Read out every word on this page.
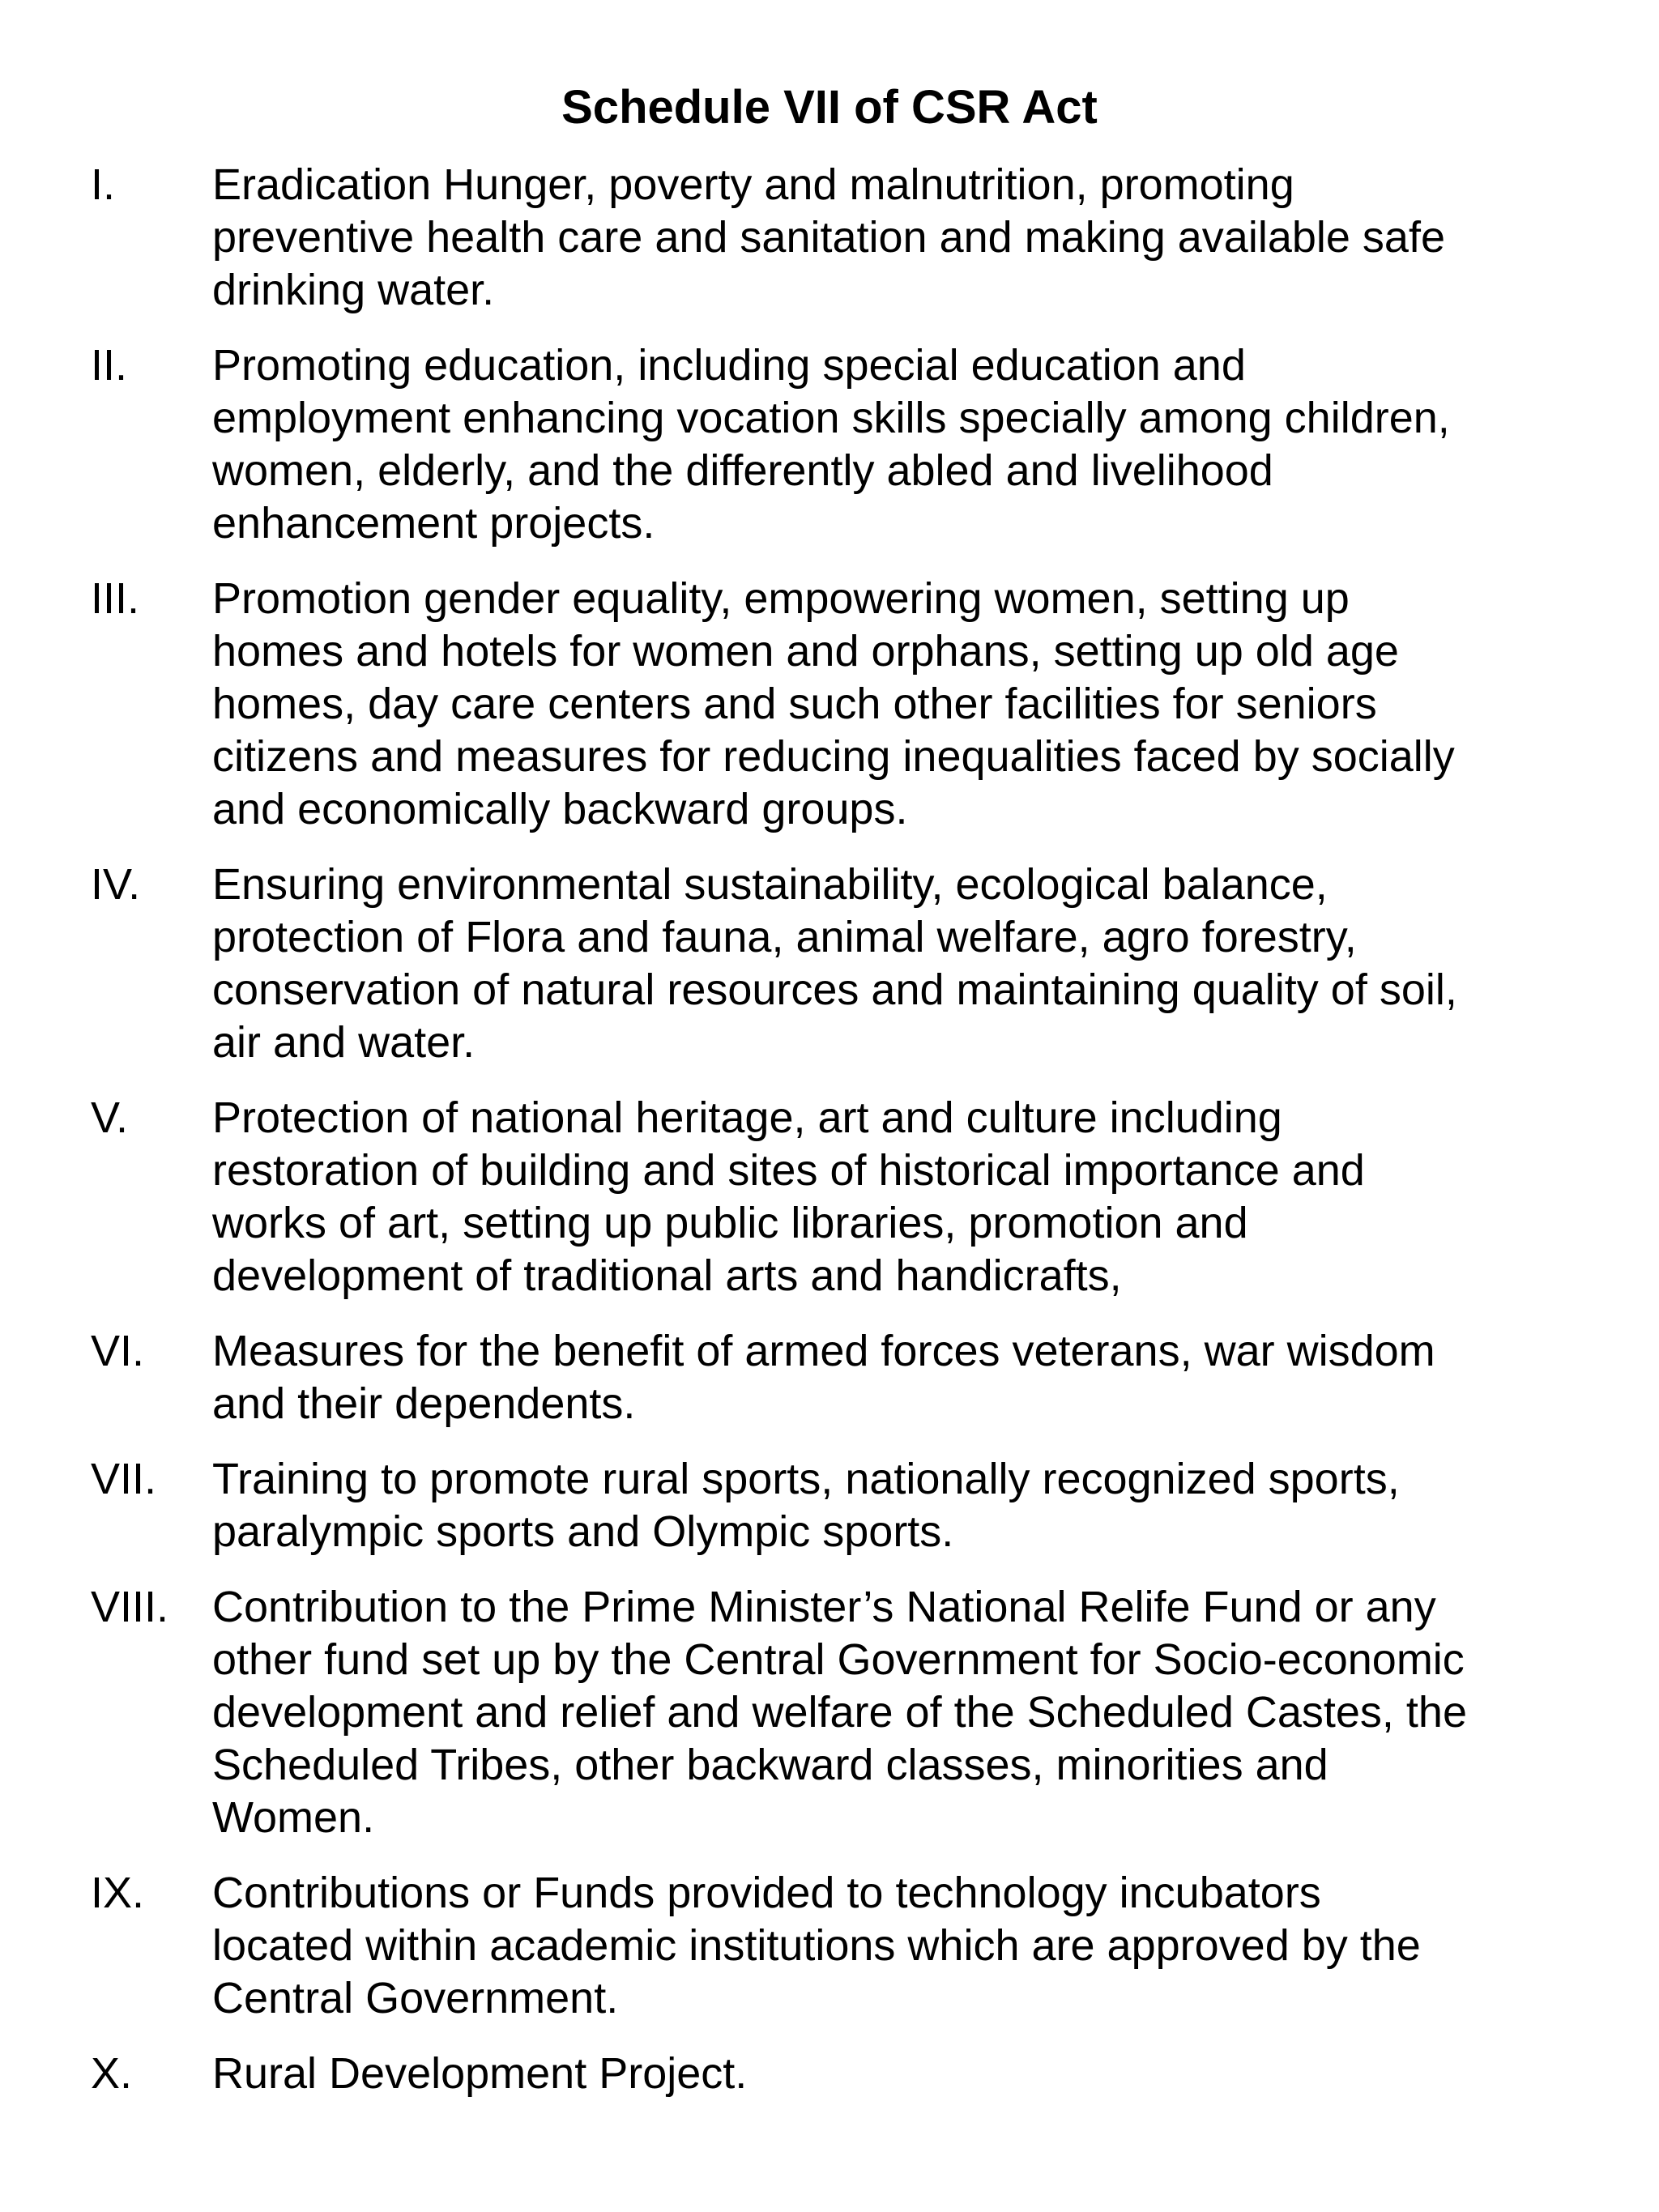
Schedule VII of CSR Act
I.	Eradication Hunger, poverty and malnutrition, promoting
preventive health care and sanitation and making available safe
drinking water.
II.	Promoting education, including special education and
employment enhancing vocation skills specially among children,
women, elderly, and the differently abled and livelihood
enhancement projects.
III.	Promotion gender equality, empowering women, setting up
homes and hotels for women and orphans, setting up old age
homes, day care centers and such other facilities for seniors
citizens and measures for reducing inequalities faced by socially
and economically backward groups.
IV.	Ensuring environmental sustainability, ecological balance,
protection of Flora and fauna, animal welfare, agro forestry,
conservation of natural resources and maintaining quality of soil,
air and water.
V.	Protection of national heritage, art and culture including
restoration of building and sites of historical importance and
works of art, setting up public libraries, promotion and
development of traditional arts and handicrafts,
VI.	Measures for the benefit of armed forces veterans, war wisdom
and their dependents.
VII.	Training to promote rural sports, nationally recognized sports,
paralympic sports and Olympic sports.
VIII. Contribution to the Prime Minister’s National Relife Fund or any
other fund set up by the Central Government for Socio-economic
development and relief and welfare of the Scheduled Castes, the
Scheduled Tribes, other backward classes, minorities and
Women.
IX.	Contributions or Funds provided to technology incubators
located within academic institutions which are approved by the
Central Government.
X.	Rural Development Project.
